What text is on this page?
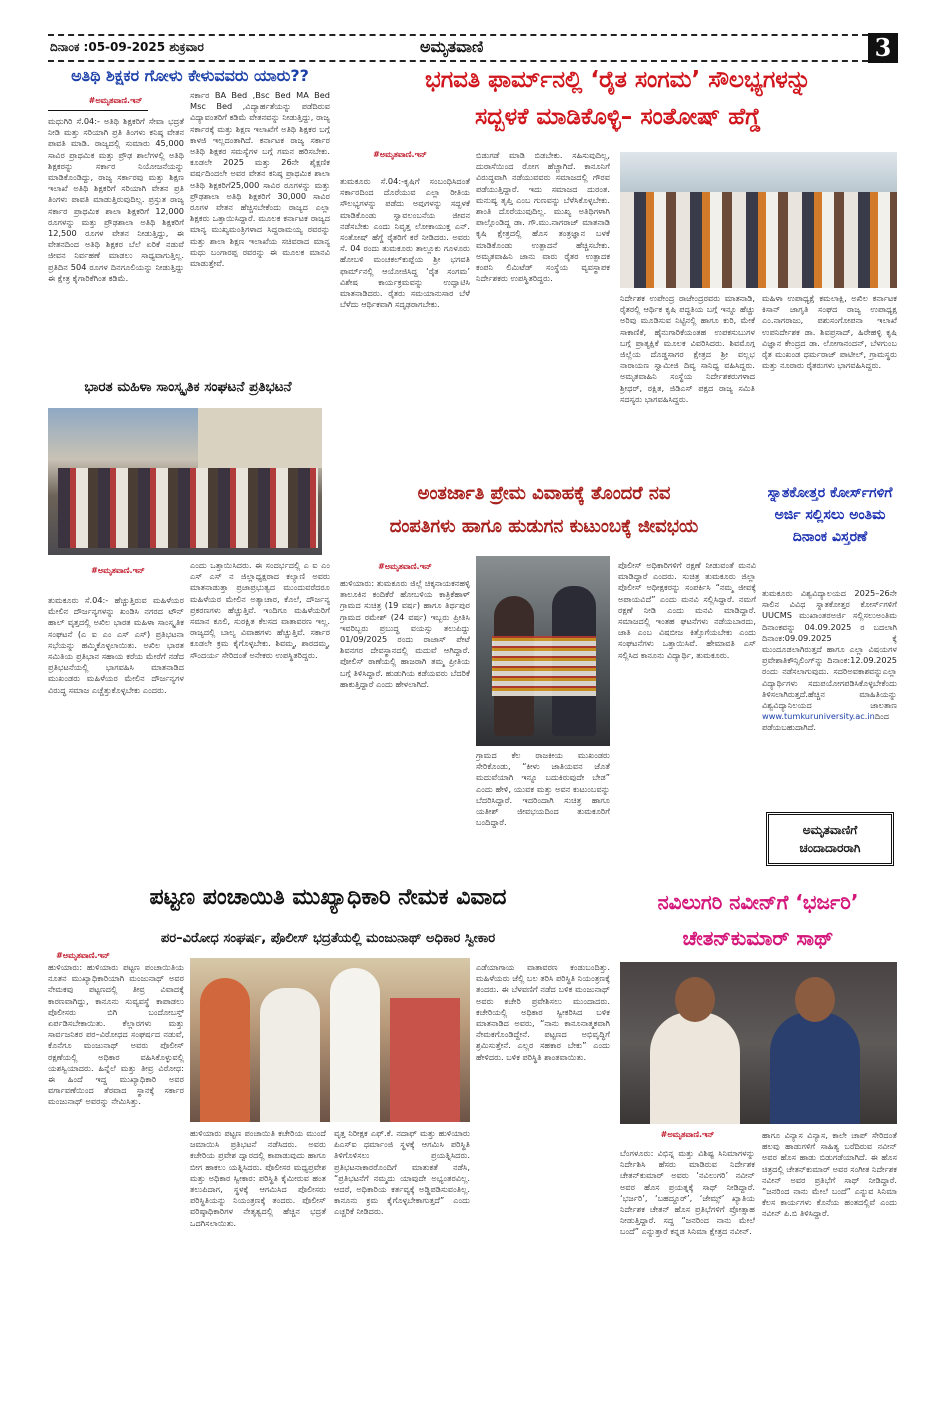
ದಿನಾಂಕ :05-09-2025 ಶುಕ್ರವಾರ	ಅಮೃತವಾಣಿ	3
ಅತಿಥಿ ಶಿಕ್ಷಕರ ಗೋಳು ಕೇಳುವವರು ಯಾರು??
#ಅಮೃತವಾಣಿ.ಇನ್
ಮಧುಗಿರಿ ಸೆ.04:- ಅತಿಥಿ ಶಿಕ್ಷಕರಿಗೆ ಸೇವಾ ಭದ್ರತೆ ನೀಡಿ ಮತ್ತು ಸರಿಯಾಗಿ ಪ್ರತಿ ತಿಂಗಳು ಕನಿಷ್ಠ ವೇತನ ಪಾವತಿ ಮಾಡಿ. ರಾಜ್ಯದಲ್ಲಿ ಸುಮಾರು 45,000 ಸಾವಿರ ಪ್ರಾಥಮಿಕ ಮತ್ತು ಪ್ರೌಢ ಶಾಲೆಗಳಲ್ಲಿ ಅತಿಥಿ ಶಿಕ್ಷಕರನ್ನು ಸರ್ಕಾರ ನಿಯೋಜನೆಯನ್ನು ಮಾಡಿಕೊಂಡಿದ್ದು, ರಾಜ್ಯ ಸರ್ಕಾರವು ಮತ್ತು ಶಿಕ್ಷಣ ಇಲಾಖೆ ಅತಿಥಿ ಶಿಕ್ಷಕರಿಗೆ ಸರಿಯಾಗಿ ವೇತನ ಪ್ರತಿ ತಿಂಗಳು ಪಾವತಿ ಮಾಡುತ್ತಿರುವುದಿಲ್ಲ. ಪ್ರಸ್ತುತ ರಾಜ್ಯ ಸರ್ಕಾರ ಪ್ರಾಥಮಿಕ ಶಾಲಾ ಶಿಕ್ಷಕರಿಗೆ 12,000 ರೂಗಳನ್ನು ಮತ್ತು ಪ್ರೌಢಶಾಲಾ ಅತಿಥಿ ಶಿಕ್ಷಕರಿಗೆ 12,500 ರೂಗಳ ವೇತನ ನೀಡುತ್ತಿದ್ದು, ಈ ವೇತನದಿಂದ ಅತಿಥಿ ಶಿಕ್ಷಕರ ಬೆಲೆ ಏರಿಕೆ ನಡುವೆ ಜೀವನ ನಿರ್ವಹಣೆ ಮಾಡಲು ಸಾಧ್ಯವಾಗುತ್ತಿಲ್ಲ. ಪ್ರತಿದಿನ 504 ರೂಗಳ ದಿನಗೂಲಿಯನ್ನು ನೀಡುತ್ತಿದ್ದು ಈ ಕ್ಷೇತ್ರ ಕೈಗಾರಿಕೆಗಿಂತ ಕಡಿಮೆ.
ಸರ್ಕಾರ BA Bed ,Bsc Bed MA Bed Msc Bed ,ವಿದ್ಯಾರ್ಹತೆಯನ್ನು ಪಡೆದಿರುವ ವಿದ್ಯಾವಂತರಿಗೆ ಕಡಿಮೆ ವೇತನವನ್ನು ನೀಡುತ್ತಿದ್ದು, ರಾಜ್ಯ ಸರ್ಕಾರಕ್ಕೆ ಮತ್ತು ಶಿಕ್ಷಣ ಇಲಾಖೆಗೆ ಅತಿಥಿ ಶಿಕ್ಷಕರ ಬಗ್ಗೆ ಕಾಳಜಿ ಇಲ್ಲದಂತಾಗಿದೆ. ಕರ್ನಾಟಕ ರಾಜ್ಯ ಸರ್ಕಾರ ಅತಿಥಿ ಶಿಕ್ಷಕರ ಸಮಸ್ಯೆಗಳ ಬಗ್ಗೆ ಗಮನ ಹರಿಸಬೇಕು. ಕೂಡಲೇ 2025 ಮತ್ತು 26ನೇ ಶೈಕ್ಷಣಿಕ ವರ್ಷದಿಂದಲೇ ಅವರ ವೇತನ ಕನಿಷ್ಠ ಪ್ರಾಥಮಿಕ ಶಾಲಾ ಅತಿಥಿ ಶಿಕ್ಷಕರಿಗೆ25,000 ಸಾವಿರ ರೂಗಳನ್ನು ಮತ್ತು ಪ್ರೌಢಶಾಲಾ ಅತಿಥಿ ಶಿಕ್ಷಕರಿಗೆ 30,000 ಸಾವಿರ ರೂಗಳ ವೇತನ ಹೆಚ್ಚಿಸಬೇಕೆಂದು ರಾಜ್ಯದ ಎಲ್ಲಾ ಶಿಕ್ಷಕರು ಒತ್ತಾಯಿಸಿದ್ದಾರೆ. ಮೂಲಕ ಕರ್ನಾಟಕ ರಾಜ್ಯದ ಮಾನ್ಯ ಮುಖ್ಯಮಂತ್ರಿಗಳಾದ ಸಿದ್ದರಾಮಯ್ಯ ರವರನ್ನು ಮತ್ತು ಶಾಲಾ ಶಿಕ್ಷಣ ಇಲಾಖೆಯ ಸಚಿವರಾದ ಮಾನ್ಯ ಮಧು ಬಂಗಾರಪ್ಪ ರವರನ್ನು ಈ ಮೂಲಕ ಮಾನವಿ ಮಾಡುತ್ತೇವೆ.
ಭಾರತ ಮಹಿಳಾ ಸಾಂಸ್ಕೃತಿಕ ಸಂಘಟನೆ ಪ್ರತಿಭಟನೆ
#ಅಮೃತವಾಣಿ.ಇನ್
ತುಮಕೂರು ಸೆ.04:- ಹೆಚ್ಚುತ್ತಿರುವ ಮಹಿಳೆಯರ ಮೇಲಿನ ದೌರ್ಜನ್ಯಗಳನ್ನು ಖಂಡಿಸಿ ನಗರದ ಟೌನ್ ಹಾಲ್ ವೃತ್ತದಲ್ಲಿ ಅಖಿಲ ಭಾರತ ಮಹಿಳಾ ಸಾಂಸ್ಕೃತಿಕ ಸಂಘಟನೆ (ಎ ಐ ಎಂ ಎಸ್ ಎಸ್) ಪ್ರತಿಭಟನಾ ಸಭೆಯನ್ನು ಹಮ್ಮಿಕೊಳ್ಳಲಾಯಿತು. ಅಖಿಲ ಭಾರತ ಸಮಿತಿಯ ಪ್ರತಿಭಾನ ಸಹಾಯ ಕರೆಯ ಮೇರೆಗೆ ನಡೆದ ಪ್ರತಿಭಟನೆಯಲ್ಲಿ ಭಾಗವಹಿಸಿ ಮಾತನಾಡಿದ ಮುಖಂಡರು ಮಹಿಳೆಯರ ಮೇಲಿನ ದೌರ್ಜನ್ಯಗಳ ವಿರುದ್ಧ ಸಮಾಜ ಎಚ್ಚೆತ್ತುಕೊಳ್ಳಬೇಕು ಎಂದರು.
ಎಂದು ಒತ್ತಾಯಿಸಿದರು. ಈ ಸಂದರ್ಭದಲ್ಲಿ ಎ ಐ ಎಂ ಎಸ್ ಎಸ್ ನ ಜಿಲ್ಲಾಧ್ಯಕ್ಷರಾದ ಕಲ್ಯಾಣಿ ಅವರು ಮಾತನಾಡುತ್ತಾ ಪ್ರಜಾಪ್ರಭುತ್ವದ ಮುಂದುವರೆದರೂ ಮಹಿಳೆಯರ ಮೇಲಿನ ಅತ್ಯಾಚಾರ, ಕೊಲೆ, ದೌರ್ಜನ್ಯ ಪ್ರಕರಣಗಳು ಹೆಚ್ಚುತ್ತಿವೆ. ಇಂದಿಗೂ ಮಹಿಳೆಯರಿಗೆ ಸಮಾನ ಕೂಲಿ, ಸುರಕ್ಷಿತ ಕೆಲಸದ ವಾತಾವರಣ ಇಲ್ಲ. ರಾಜ್ಯದಲ್ಲಿ ಬಾಲ್ಯ ವಿವಾಹಗಳು ಹೆಚ್ಚುತ್ತಿವೆ. ಸರ್ಕಾರ ಕೂಡಲೇ ಕ್ರಮ ಕೈಗೊಳ್ಳಬೇಕು. ಶಿವಮ್ಮ, ಶಾರದಮ್ಮ, ಸೌಂದರ್ಯ ಸೇರಿದಂತೆ ಅನೇಕರು ಉಪಸ್ಥಿತರಿದ್ದರು.
ಭಗವತಿ ಫಾರ್ಮ್‌ನಲ್ಲಿ ‘ರೈತ ಸಂಗಮ’ ಸೌಲಭ್ಯಗಳನ್ನು
ಸದ್ಬಳಕೆ ಮಾಡಿಕೊಳ್ಳಿ– ಸಂತೋಷ್ ಹೆಗ್ಡೆ
#ಅಮೃತವಾಣಿ.ಇನ್
ತುಮಕೂರು ಸೆ.04:-ಕೃಷಿಗೆ ಸಂಬಂಧಿಸಿದಂತೆ ಸರ್ಕಾರದಿಂದ ದೊರೆಯುವ ಎಲ್ಲಾ ರೀತಿಯ ಸೌಲಭ್ಯಗಳನ್ನು ಪಡೆದು ಅವುಗಳನ್ನು ಸದ್ಬಳಕೆ ಮಾಡಿಕೊಂಡು ಸ್ವಾವಲಂಬನೆಯ ಜೀವನ ನಡೆಸಬೇಕು ಎಂದು ನಿವೃತ್ತ ಲೋಕಾಯುಕ್ತ ಎನ್. ಸಂತೋಷ್ ಹೆಗ್ಡೆ ರೈತರಿಗೆ ಕರೆ ನೀಡಿದರು. ಅವರು ಸೆ. 04 ರಂದು ತುಮಕೂರು ತಾಲ್ಲೂಕು ಗೂಳೂರು ಹೋಬಳಿ ಮಂಚಕಲ್‌ಕುಪ್ಪೆಯ ಶ್ರೀ ಭಗವತಿ ಫಾರ್ಮ್‌ನಲ್ಲಿ ಆಯೋಜಿಸಿದ್ದ ‘ರೈತ ಸಂಗಮ’ ವಿಶೇಷ ಕಾರ್ಯಕ್ರಮವನ್ನು ಉದ್ಘಾಟಿಸಿ ಮಾತನಾಡಿದರು. ರೈತರು ಸಮಯಾನುಸಾರ ಬೆಳೆ ಬೆಳೆದು ಆರ್ಥಿಕವಾಗಿ ಸದೃಢರಾಗಬೇಕು.
ಬಿಡುಗಡೆ ಮಾಡಿ ಬಿಡಬೇಕು. ಸಹಿಸುವುದಿಲ್ಲ, ದುರಾಸೆಯಿಂದ ರೋಗ ಹೆಚ್ಚಾಗಿದೆ. ಕಾನೂನಿಗೆ ವಿರುದ್ಧವಾಗಿ ನಡೆಯುವವರು ಸಮಾಜದಲ್ಲಿ ಗೌರವ ಪಡೆಯುತ್ತಿದ್ದಾರೆ. ಇದು ಸಮಾಜದ ದುರಂತ. ಮನುಷ್ಯ ತೃಪ್ತಿ ಎಂಬ ಗುಣವನ್ನು ಬೆಳೆಸಿಕೊಳ್ಳಬೇಕು. ಶಾಂತಿ ದೊರೆಯುವುದಿಲ್ಲ. ಮುಖ್ಯ ಅತಿಥಿಗಳಾಗಿ ಪಾಲ್ಗೊಂಡಿದ್ದ ಡಾ. ಗೌ.ಮು.ನಾಗರಾಜ್ ಮಾತನಾಡಿ ಕೃಷಿ ಕ್ಷೇತ್ರದಲ್ಲಿ ಹೊಸ ತಂತ್ರಜ್ಞಾನ ಬಳಕೆ ಮಾಡಿಕೊಂಡು ಉತ್ಪಾದನೆ ಹೆಚ್ಚಿಸಬೇಕು. ಅಮೃತವಾಹಿನಿ ಜಾನು ವಾರು ರೈತರ ಉತ್ಪಾದಕ ಕಂಪನಿ ಲಿಮಿಟೆಡ್ ಸಂಸ್ಥೆಯ ವ್ಯವಸ್ಥಾಪಕ ನಿರ್ದೇಶಕರು ಉಪಸ್ಥಿತರಿದ್ದರು.
ನಿರ್ದೇಶಕ ಉಪೇಂದ್ರ ರಾಜೇಂದ್ರರವರು ಮಾತನಾಡಿ, ರೈತರಲ್ಲಿ ಆರ್ಥಿಕ ಕೃಷಿ ಪದ್ಧತಿಯ ಬಗ್ಗೆ ಇನ್ನೂ ಹೆಚ್ಚು ಅರಿವು ಮೂಡಿಸುವ ನಿಟ್ಟಿನಲ್ಲಿ ಹಾಗೂ ಕುರಿ, ಮೇಕೆ ಸಾಕಾಣಿಕೆ, ಹೈನುಗಾರಿಕೆಯಂತಹ ಉಪಕಸುಬುಗಳ ಬಗ್ಗೆ ಪ್ರಾತ್ಯಕ್ಷಿಕೆ ಮೂಲಕ ವಿವರಿಸಿದರು. ಶಿವಮೊಗ್ಗ ಜಿಲ್ಲೆಯ ದೊಡ್ಡಸಾಗರ ಕ್ಷೇತ್ರದ ಶ್ರೀ ವಲ್ಲಭ ನಾರಾಯಣ ಸ್ವಾಮೀಜಿ ದಿವ್ಯ ಸಾನಿಧ್ಯ ವಹಿಸಿದ್ದರು. ಅಮೃತವಾಹಿನಿ ಸಂಸ್ಥೆಯ ನಿರ್ದೇಶಕರುಗಳಾದ ಶ್ರೀಧರ್, ರಕ್ಷಿತ, ಜಿಡಿಎಸ್ ಪಕ್ಷದ ರಾಜ್ಯ ಸಮಿತಿ ಸದಸ್ಯರು ಭಾಗವಹಿಸಿದ್ದರು.
ಮಹಿಳಾ ಉಪಾಧ್ಯಕ್ಷೆ ಕಮಲಾಕ್ಷಿ, ಅಖಿಲ ಕರ್ನಾಟಕ ಕಿಸಾನ್ ಜಾಗೃತಿ ಸಂಘದ ರಾಜ್ಯ ಉಪಾಧ್ಯಕ್ಷ ಎಂ.ನಾಗರಾಜು, ಪಶುಸಂಗೋಪನಾ ಇಲಾಖೆ ಉಪನಿರ್ದೇಶಕ ಡಾ. ಶಿವಪ್ರಸಾದ್, ಹಿರೇಹಳ್ಳಿ ಕೃಷಿ ವಿಜ್ಞಾನ ಕೇಂದ್ರದ ಡಾ. ಲೋಗಾನಂದನ್, ಬೆಳಗುಂಬ ರೈತ ಮುಖಂಡ ಧರ್ಮರಾಜ್ ಪಾಟೀಲ್, ಗ್ರಾಮಸ್ಥರು ಮತ್ತು ನೂರಾರು ರೈತರುಗಳು ಭಾಗವಹಿಸಿದ್ದರು.
ಅಂತರ್ಜಾತಿ ಪ್ರೇಮ ವಿವಾಹಕ್ಕೆ ತೊಂದರೆ ನವ
ದಂಪತಿಗಳು ಹಾಗೂ ಹುಡುಗನ ಕುಟುಂಬಕ್ಕೆ ಜೀವಭಯ
#ಅಮೃತವಾಣಿ.ಇನ್
ಹುಳಿಯಾರು: ತುಮಕೂರು ಜಿಲ್ಲೆ ಚಿಕ್ಕನಾಯಕನಹಳ್ಳಿ ತಾಲೂಕಿನ ಕಂದಿಕೆರೆ ಹೋಬಳಿಯ ಕಾತ್ರಿಕೆಹಾಳ್ ಗ್ರಾಮದ ಸುಚಿತ್ರ (19 ವರ್ಷ) ಹಾಗೂ ತಿರ್ಥಪುರ ಗ್ರಾಮದ ರಮೇಶ್ (24 ವರ್ಷ) ಇಬ್ಬರು ಪ್ರೀತಿಸಿ ಇವರಿಬ್ಬರು ಪ್ರಬುದ್ಧ ವಯಸ್ಸು ತಲುಪಿದ್ದು 01/09/2025 ರಂದು ರಾಜಾಸ್ ಪೇಟೆ ಶಿವನಗರ ದೇವಸ್ಥಾನದಲ್ಲಿ ಮದುವೆ ಆಗಿದ್ದಾರೆ. ಪೋಲಿಸ್ ಠಾಣೆಯಲ್ಲಿ ಹಾಜರಾಗಿ ತಮ್ಮ ಪ್ರೀತಿಯ ಬಗ್ಗೆ ತಿಳಿಸಿದ್ದಾರೆ. ಹುಡುಗಿಯ ಕಡೆಯವರು ಬೆದರಿಕೆ ಹಾಕುತ್ತಿದ್ದಾರೆ ಎಂದು ಹೇಳಲಾಗಿದೆ.
ಗ್ರಾಮದ ಕೆಲ ರಾಜಕೀಯ ಮುಖಂಡರು ಸೇರಿಕೊಂಡು, “ಕೀಳು ಜಾತಿಯವನ ಜೊತೆ ಮದುವೆಯಾಗಿ ಇನ್ನೂ ಬದುಕಿರುವುದೇ ಬೇಡ” ಎಂದು ಹೇಳಿ, ಯುವಕ ಮತ್ತು ಅವನ ಕುಟುಂಬವನ್ನು ಬೆದರಿಸಿದ್ದಾರೆ. ಇದರಿಂದಾಗಿ ಸುಚಿತ್ರ ಹಾಗೂ ಯತೀಶ್ ಜೀವಭಯದಿಂದ ತುಮಕೂರಿಗೆ ಬಂದಿದ್ದಾರೆ.
ಪೊಲೀಸ್ ಅಧಿಕಾರಿಗಳಿಗೆ ರಕ್ಷಣೆ ನೀಡುವಂತೆ ಮನವಿ ಮಾಡಿದ್ದಾರೆ ಎಂದರು. ಸುಚಿತ್ರ ತುಮಕೂರು ಜಿಲ್ಲಾ ಪೊಲೀಸ್ ಅಧೀಕ್ಷಕರನ್ನು ಸಂಪರ್ಕಿಸಿ “ನಮ್ಮ ಜೀವಕ್ಕೆ ಅಪಾಯವಿದೆ” ಎಂದು ಮನವಿ ಸಲ್ಲಿಸಿದ್ದಾರೆ. ನಮಗೆ ರಕ್ಷಣೆ ನೀಡಿ ಎಂದು ಮನವಿ ಮಾಡಿದ್ದಾರೆ. ಸಮಾಜದಲ್ಲಿ ಇಂತಹ ಘಟನೆಗಳು ನಡೆಯಬಾರದು, ಜಾತಿ ಎಂಬ ವಿಷಬೀಜ ಕಿತ್ತೊಗೆಯಬೇಕು ಎಂದು ಸಂಘಟನೆಗಳು ಒತ್ತಾಯಿಸಿವೆ. ಹೇಮಾವತಿ ಎಸ್ ಸಲ್ಲಿಸಿದ ಕಾನೂನು ವಿದ್ಯಾರ್ಥಿ, ತುಮಕೂರು.
ಸ್ನಾತಕೋತ್ತರ ಕೋರ್ಸ್‌ಗಳಿಗೆ ಅರ್ಜಿ ಸಲ್ಲಿಸಲು ಅಂತಿಮ ದಿನಾಂಕ ವಿಸ್ತರಣೆ
ತುಮಕೂರು ವಿಶ್ವವಿದ್ಯಾಲಯದ 2025–26ನೇ ಸಾಲಿನ ವಿವಿಧ ಸ್ನಾತಕೋತ್ತರ ಕೋರ್ಸ್‌ಗಳಿಗೆ UUCMS ಮುಖಾಂತರಅರ್ಜಿ ಸಲ್ಲಿಸಲುಅಂತಿಮ ದಿನಾಂಕವನ್ನು 04.09.2025 ರ ಬದಲಾಗಿ ದಿನಾಂಕ:09.09.2025 ಕ್ಕೆ ಮುಂದೂಡಲಾಗಿರುತ್ತದೆ ಹಾಗೂ ಎಲ್ಲಾ ವಿಷಯಗಳ ಪ್ರವೇಶಾತಿಕೌನ್ಸಿಲಿಂಗ್‌ನ್ನು ದಿನಾಂಕ:12.09.2025 ರಂದು ನಡೆಸಲಾಗುವುದು. ಸದರಿಅವಕಾಶವನ್ನುಎಲ್ಲಾ ವಿದ್ಯಾರ್ಥಿಗಳು ಸದುಪಯೋಗಪಡಿಸಿಕೊಳ್ಳಬೇಕೆಂದು ತಿಳಿಸಲಾಗಿರುತ್ತದೆ.ಹೆಚ್ಚಿನ ಮಾಹಿತಿಯನ್ನು ವಿಶ್ವವಿದ್ಯಾನಿಲಯದ ಜಾಲತಾಣ www.tumkuruniversity.ac.inದಿಂದ ಪಡೆಯಬಹುದಾಗಿದೆ.
ಅಮೃತವಾಣಿಗೆ
ಚಂದಾದಾರರಾಗಿ
ಪಟ್ಟಣ ಪಂಚಾಯಿತಿ ಮುಖ್ಯಾಧಿಕಾರಿ ನೇಮಕ ವಿವಾದ
ಪರ–ವಿರೋಧ ಸಂಘರ್ಷ, ಪೊಲೀಸ್ ಭದ್ರತೆಯಲ್ಲಿ ಮಂಜುನಾಥ್ ಅಧಿಕಾರ ಸ್ವೀಕಾರ
#ಅಮೃತವಾಣಿ.ಇನ್
ಹುಳಿಯಾರು: ಹುಳಿಯಾರು ಪಟ್ಟಣ ಪಂಚಾಯಿತಿಯ ನೂತನ ಮುಖ್ಯಾಧಿಕಾರಿಯಾಗಿ ಮಂಜುನಾಥ್ ಅವರ ನೇಮಕವು ಪಟ್ಟಣದಲ್ಲಿ ತೀವ್ರ ವಿವಾದಕ್ಕೆ ಕಾರಣವಾಗಿದ್ದು, ಕಾನೂನು ಸುವ್ಯವಸ್ಥೆ ಕಾಪಾಡಲು ಪೊಲೀಸರು ಬಿಗಿ ಬಂದೋಬಸ್ತ್ ಏರ್ಪಡಿಸಬೇಕಾಯಿತು. ಕೆಲ್ಲಾರಗಳು ಮತ್ತು ಸಾರ್ವಜನಿಕರ ಪರ–ವಿರೋಧದ ಸಂಘರ್ಷದ ನಡುವೆ, ಕೊನೆಗೂ ಮಂಜುನಾಥ್ ಅವರು ಪೊಲೀಸ್ ರಕ್ಷಣೆಯಲ್ಲಿ ಅಧಿಕಾರ ವಹಿಸಿಕೊಳ್ಳುವಲ್ಲಿ ಯಶಸ್ವಿಯಾದರು. ಹಿನ್ನೆಲೆ ಮತ್ತು ತೀವ್ರ ವಿರೋಧ: ಈ ಹಿಂದೆ ಇದ್ದ ಮುಖ್ಯಾಧಿಕಾರಿ ಅವರ ವರ್ಗಾವಣೆಯಿಂದ ತೆರವಾದ ಸ್ಥಾನಕ್ಕೆ ಸರ್ಕಾರ ಮಂಜುನಾಥ್ ಅವರನ್ನು ನೇಮಿಸಿತ್ತು.
ಹುಳಿಯಾರು ಪಟ್ಟಣ ಪಂಚಾಯಿತಿ ಕಚೇರಿಯ ಮುಂದೆ ಜಮಾಯಿಸಿ ಪ್ರತಿಭಟನೆ ನಡೆಸಿದರು. ಅವರು ಕಚೇರಿಯ ಪ್ರವೇಶ ದ್ವಾರದಲ್ಲಿ ಕಾಪಾಡುವುದು ಹಾಗೂ ಬೀಗ ಹಾಕಲು ಯತ್ನಿಸಿದರು. ಪೊಲೀಸರ ಮಧ್ಯಪ್ರವೇಶ ಮತ್ತು ಅಧಿಕಾರ ಸ್ವೀಕಾರ: ಪರಿಸ್ಥಿತಿ ಕೈಮೀರುವ ಹಂತ ತಲುಪಿದಾಗ, ಸ್ಥಳಕ್ಕೆ ಆಗಮಿಸಿದ ಪೊಲೀಸರು ಪರಿಸ್ಥಿತಿಯನ್ನು ನಿಯಂತ್ರಣಕ್ಕೆ ತಂದರು. ಪೊಲೀಸ್ ವರಿಷ್ಠಾಧಿಕಾರಿಗಳ ನೇತೃತ್ವದಲ್ಲಿ ಹೆಚ್ಚಿನ ಭದ್ರತೆ ಒದಗಿಸಲಾಯಿತು.
ವೃತ್ತ ನಿರೀಕ್ಷಕ ಎಫ್.ಕೆ. ನದಾಫ್ ಮತ್ತು ಹುಳಿಯಾರು ಪಿಎಸ್‌ಐ ಧರ್ಮಾಂಜಿ ಸ್ಥಳಕ್ಕೆ ಆಗಮಿಸಿ ಪರಿಸ್ಥಿತಿ ತಿಳಿಗೊಳಿಸಲು ಪ್ರಯತ್ನಿಸಿದರು. ಪ್ರತಿಭಟನಾಕಾರರೊಂದಿಗೆ ಮಾತುಕತೆ ನಡೆಸಿ, “ಪ್ರತಿಭಟನೆಗೆ ನಮ್ಮದು ಯಾವುದೇ ಅಭ್ಯಂತರವಿಲ್ಲ. ಆದರೆ, ಅಧಿಕಾರಿಯ ಕರ್ತವ್ಯಕ್ಕೆ ಅಡ್ಡಿಪಡಿಸುವಂತಿಲ್ಲ. ಕಾನೂನು ಕ್ರಮ ಕೈಗೊಳ್ಳಬೇಕಾಗುತ್ತದೆ” ಎಂದು ಎಚ್ಚರಿಕೆ ನೀಡಿದರು.
ಎಡೆಯಾಗಾಯ ವಾತಾವರಣ ಕಂಡುಬಂದಿತ್ತು. ಮಹಿಳೆಯರು ಜೆಲ್ಲಿ ಬಲ ತರಿಸಿ ಪರಿಸ್ಥಿತಿ ನಿಯಂತ್ರಣಕ್ಕೆ ತಂದರು. ಈ ಬೆಳವಣಿಗೆ ನಡೆದ ಬಳಿಕ ಮಂಜುನಾಥ್ ಅವರು ಕಚೇರಿ ಪ್ರವೇಶಿಸಲು ಮುಂದಾದರು. ಕಚೇರಿಯಲ್ಲಿ ಅಧಿಕಾರ ಸ್ವೀಕರಿಸಿದ ಬಳಿಕ ಮಾತನಾಡಿದ ಅವರು, “ನಾನು ಕಾನೂನಾತ್ಮಕವಾಗಿ ನೇಮಕಗೊಂಡಿದ್ದೇನೆ. ಪಟ್ಟಣದ ಅಭಿವೃದ್ಧಿಗೆ ಶ್ರಮಿಸುತ್ತೇನೆ. ಎಲ್ಲರ ಸಹಕಾರ ಬೇಕು” ಎಂದು ಹೇಳಿದರು. ಬಳಿಕ ಪರಿಸ್ಥಿತಿ ಶಾಂತವಾಯಿತು.
ನವಿಲುಗರಿ ನವೀನ್‌ಗೆ ‘ಭರ್ಜರಿ’
ಚೇತನ್‌ಕುಮಾರ್ ಸಾಥ್
#ಅಮೃತವಾಣಿ.ಇನ್
ಬೆಂಗಳೂರು: ವಿಭಿನ್ನ ಮತ್ತು ವಿಶಿಷ್ಟ ಸಿನಿಮಾಗಳನ್ನು ನಿರ್ದೇಶಿಸಿ ಹೆಸರು ಮಾಡಿರುವ ನಿರ್ದೇಶಕ ಚೇತನ್‌ಕುಮಾರ್ ಅವರು ‘ನವಿಲುಗರಿ’ ನವೀನ್ ಅವರ ಹೊಸ ಪ್ರಯತ್ನಕ್ಕೆ ಸಾಥ್ ನೀಡಿದ್ದಾರೆ. ‘ಭರ್ಜರಿ’, ‘ಬಹದ್ದೂರ್’, ‘ಜೇಮ್ಸ್’ ಖ್ಯಾತಿಯ ನಿರ್ದೇಶಕ ಚೇತನ್ ಹೊಸ ಪ್ರತಿಭೆಗಳಿಗೆ ಪ್ರೋತ್ಸಾಹ ನೀಡುತ್ತಿದ್ದಾರೆ. ಸದ್ದ “ಜನರಿಂದ ನಾನು ಮೇಲೆ ಬಂದೆ” ಎನ್ನುತ್ತಾರೆ ಕನ್ನಡ ಸಿನಿಮಾ ಕ್ಷೇತ್ರದ ನವೀನ್.
ಹಾಗೂ ವಿನ್ಯಾಸ ವಿನ್ಯಾಸ, ಕಾಲೇ ಚಾಪ್ ಸೇರಿದಂತೆ ಹಲವು ಹಾಡುಗಳಿಗೆ ಸಾಹಿತ್ಯ ಬರೆದಿರುವ ನವೀನ್ ಅವರ ಹೊಸ ಹಾಡು ಬಿಡುಗಡೆಯಾಗಿದೆ. ಈ ಹೊಸ ಚಿತ್ರದಲ್ಲಿ ಚೇತನ್‌ಕುಮಾರ್ ಅವರ ಸಂಗೀತ ನಿರ್ದೇಶಕ ನವೀನ್ ಅವರ ಪ್ರತಿಭೆಗೆ ಸಾಥ್ ನೀಡಿದ್ದಾರೆ. “ಜನರಿಂದ ನಾನು ಮೇಲೆ ಬಂದೆ” ಎನ್ನುವ ಸಿನಿಮಾ ಕೆಲಸ ಕಾರ್ಯಗಳು ಕೊನೆಯ ಹಂತದಲ್ಲಿವೆ ಎಂದು ನವೀನ್ ಪಿ.ಬಿ ತಿಳಿಸಿದ್ದಾರೆ.
